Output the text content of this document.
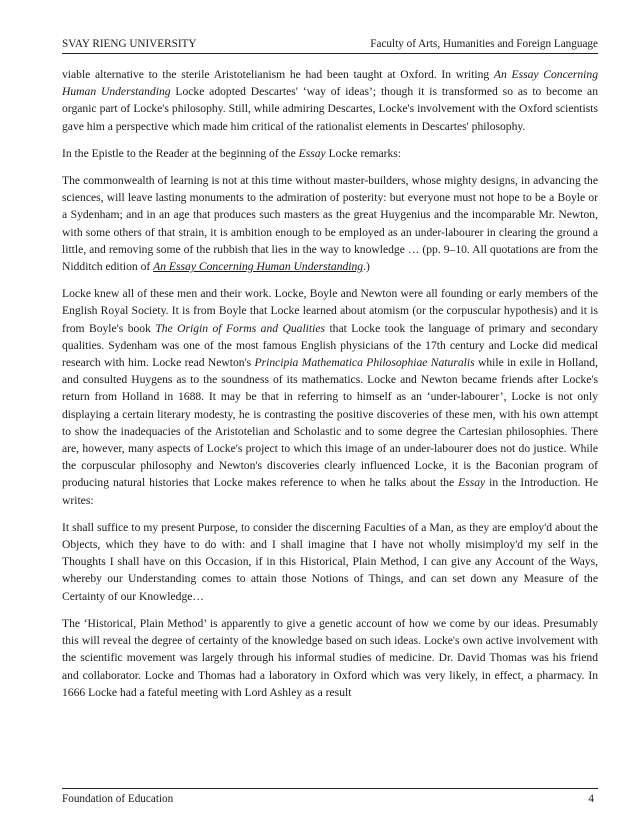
SVAY RIENG UNIVERSITY	Faculty of Arts, Humanities and Foreign Language

viable alternative to the sterile Aristotelianism he had been taught at Oxford. In writing An Essay Concerning Human Understanding Locke adopted Descartes' ‘way of ideas’; though it is transformed so as to become an organic part of Locke's philosophy. Still, while admiring Descartes, Locke's involvement with the Oxford scientists gave him a perspective which made him critical of the rationalist elements in Descartes' philosophy.

In the Epistle to the Reader at the beginning of the Essay Locke remarks:

The commonwealth of learning is not at this time without master-builders, whose mighty designs, in advancing the sciences, will leave lasting monuments to the admiration of posterity: but everyone must not hope to be a Boyle or a Sydenham; and in an age that produces such masters as the great Huygenius and the incomparable Mr. Newton, with some others of that strain, it is ambition enough to be employed as an under-labourer in clearing the ground a little, and removing some of the rubbish that lies in the way to knowledge … (pp. 9–10. All quotations are from the Nidditch edition of An Essay Concerning Human Understanding.)

Locke knew all of these men and their work. Locke, Boyle and Newton were all founding or early members of the English Royal Society. It is from Boyle that Locke learned about atomism (or the corpuscular hypothesis) and it is from Boyle's book The Origin of Forms and Qualities that Locke took the language of primary and secondary qualities. Sydenham was one of the most famous English physicians of the 17th century and Locke did medical research with him. Locke read Newton's Principia Mathematica Philosophiae Naturalis while in exile in Holland, and consulted Huygens as to the soundness of its mathematics. Locke and Newton became friends after Locke's return from Holland in 1688. It may be that in referring to himself as an ‘under-labourer’, Locke is not only displaying a certain literary modesty, he is contrasting the positive discoveries of these men, with his own attempt to show the inadequacies of the Aristotelian and Scholastic and to some degree the Cartesian philosophies. There are, however, many aspects of Locke's project to which this image of an under-labourer does not do justice. While the corpuscular philosophy and Newton's discoveries clearly influenced Locke, it is the Baconian program of producing natural histories that Locke makes reference to when he talks about the Essay in the Introduction. He writes:

It shall suffice to my present Purpose, to consider the discerning Faculties of a Man, as they are employ'd about the Objects, which they have to do with: and I shall imagine that I have not wholly misimploy'd my self in the Thoughts I shall have on this Occasion, if in this Historical, Plain Method, I can give any Account of the Ways, whereby our Understanding comes to attain those Notions of Things, and can set down any Measure of the Certainty of our Knowledge…

The ‘Historical, Plain Method’ is apparently to give a genetic account of how we come by our ideas. Presumably this will reveal the degree of certainty of the knowledge based on such ideas. Locke's own active involvement with the scientific movement was largely through his informal studies of medicine. Dr. David Thomas was his friend and collaborator. Locke and Thomas had a laboratory in Oxford which was very likely, in effect, a pharmacy. In 1666 Locke had a fateful meeting with Lord Ashley as a result

Foundation of Education	4
